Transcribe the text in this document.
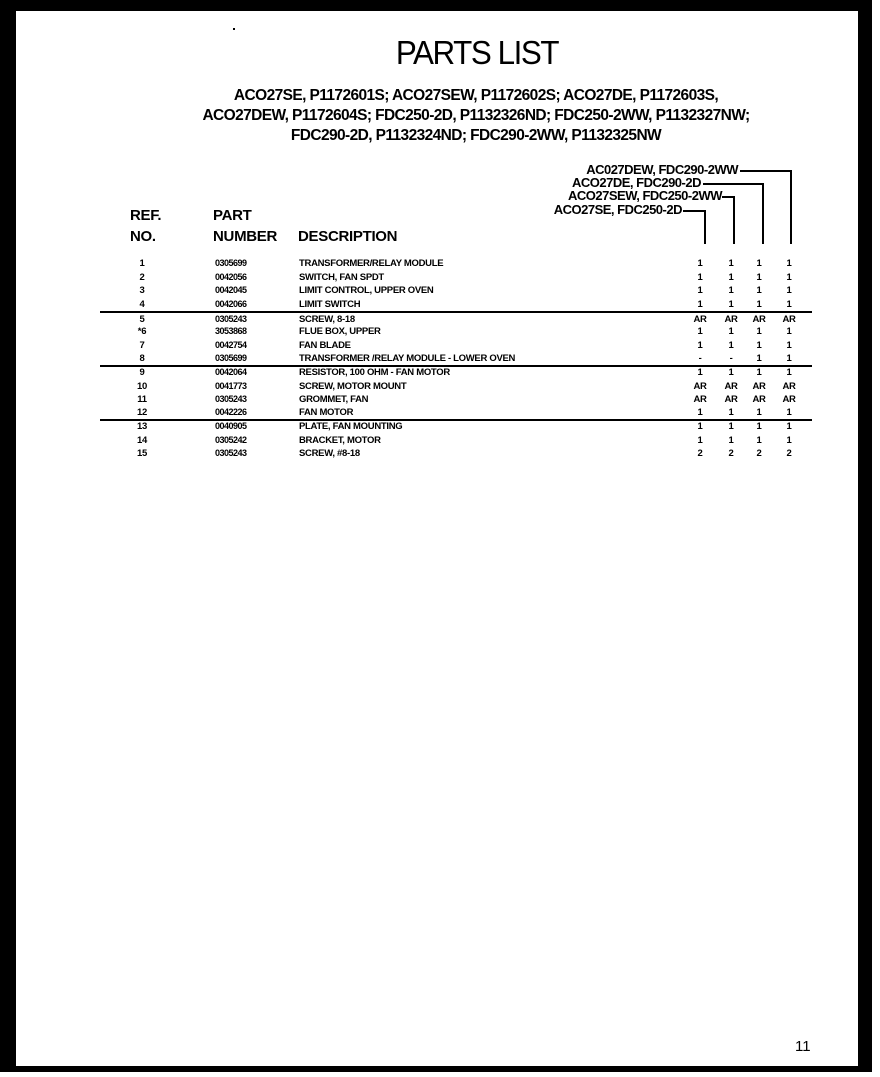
PARTS LIST
ACO27SE, P1172601S; ACO27SEW, P1172602S; ACO27DE, P1172603S,
ACO27DEW, P1172604S; FDC250-2D, P1132326ND; FDC250-2WW, P1132327NW;
FDC290-2D, P1132324ND; FDC290-2WW, P1132325NW
AC027DEW, FDC290-2WW
ACO27DE, FDC290-2D
ACO27SEW, FDC250-2WW
ACO27SE, FDC250-2D
REF.
NO.
PART
NUMBER DESCRIPTION
1	0305699	TRANSFORMER/RELAY MODULE	1	1	1	1
2	0042056	SWITCH, FAN SPDT	1	1	1	1
3	0042045	LIMIT CONTROL, UPPER OVEN	1	1	1	1
4	0042066	LIMIT SWITCH	1	1	1	1
5	0305243	SCREW, 8-18	AR	AR	AR	AR
*6	3053868	FLUE BOX, UPPER	1	1	1	1
7	0042754	FAN BLADE	1	1	1	1
8	0305699	TRANSFORMER /RELAY MODULE - LOWER OVEN	-	-	1	1
9	0042064	RESISTOR, 100 OHM - FAN MOTOR	1	1	1	1
10	0041773	SCREW, MOTOR MOUNT	AR	AR	AR	AR
11	0305243	GROMMET, FAN	AR	AR	AR	AR
12	0042226	FAN MOTOR	1	1	1	1
13	0040905	PLATE, FAN MOUNTING	1	1	1	1
14	0305242	BRACKET, MOTOR	1	1	1	1
15	0305243	SCREW, #8-18	2	2	2	2
11
